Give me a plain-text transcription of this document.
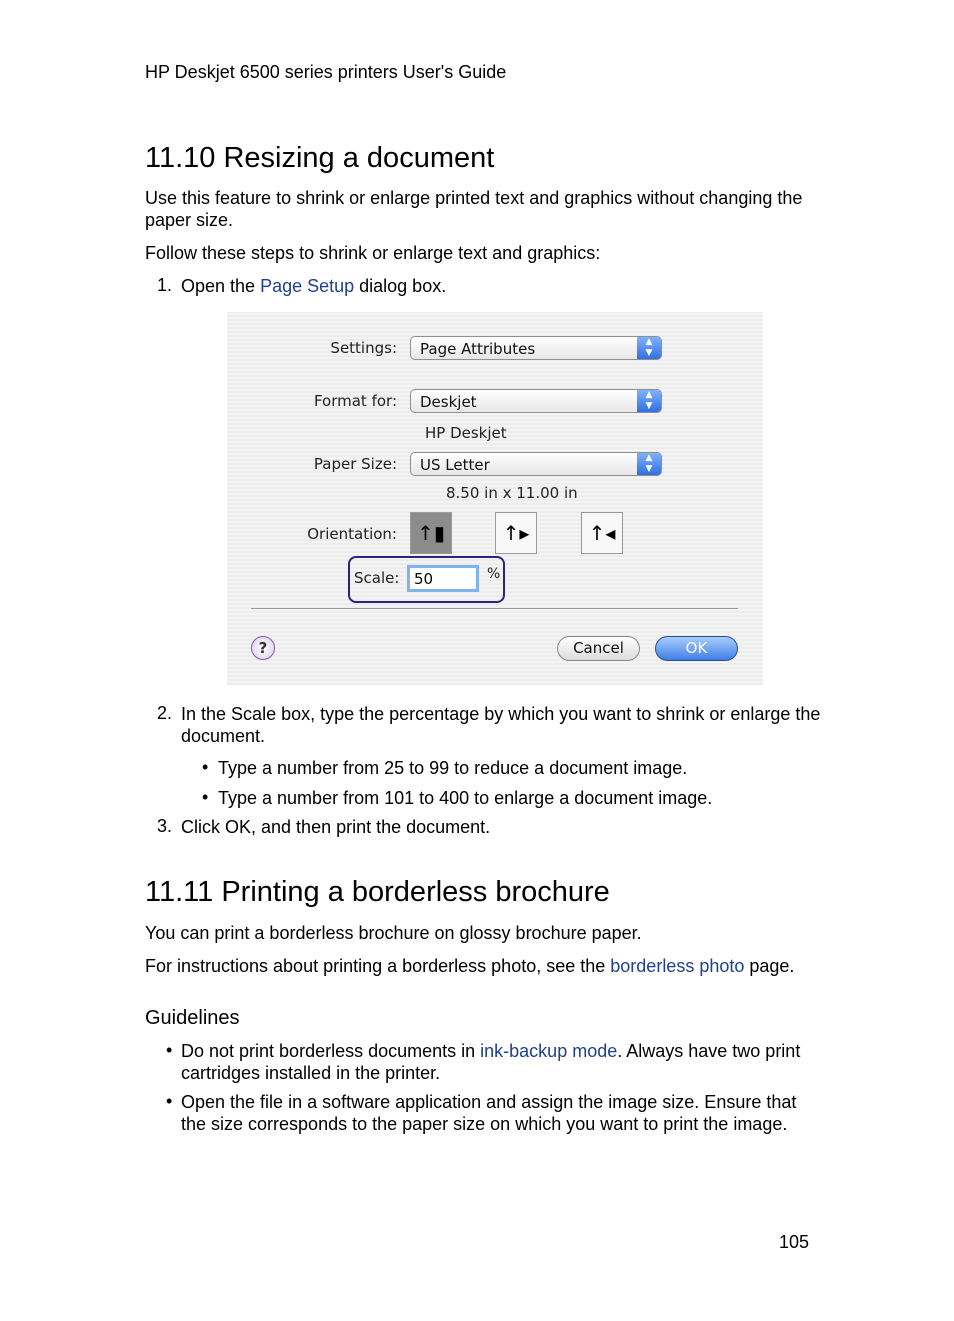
HP Deskjet 6500 series printers User's Guide
11.10 Resizing a document
Use this feature to shrink or enlarge printed text and graphics without changing the paper size.
Follow these steps to shrink or enlarge text and graphics:
1. Open the Page Setup dialog box.
Settings: Page Attributes	▲
▼
Format for: Deskjet	▲
▼
HP Deskjet
Paper Size: US Letter	▲
▼
8.50 in x 11.00 in
Orientation:	↑▮	↑▸	↑◂
Scale:
50	%
?	Cancel	OK
2. In the Scale box, type the percentage by which you want to shrink or enlarge the document.
• Type a number from 25 to 99 to reduce a document image.
• Type a number from 101 to 400 to enlarge a document image.
3. Click OK, and then print the document.
11.11 Printing a borderless brochure
You can print a borderless brochure on glossy brochure paper.
For instructions about printing a borderless photo, see the borderless photo page.
Guidelines
• Do not print borderless documents in ink-backup mode. Always have two print cartridges installed in the printer.
• Open the file in a software application and assign the image size. Ensure that the size corresponds to the paper size on which you want to print the image.
105
